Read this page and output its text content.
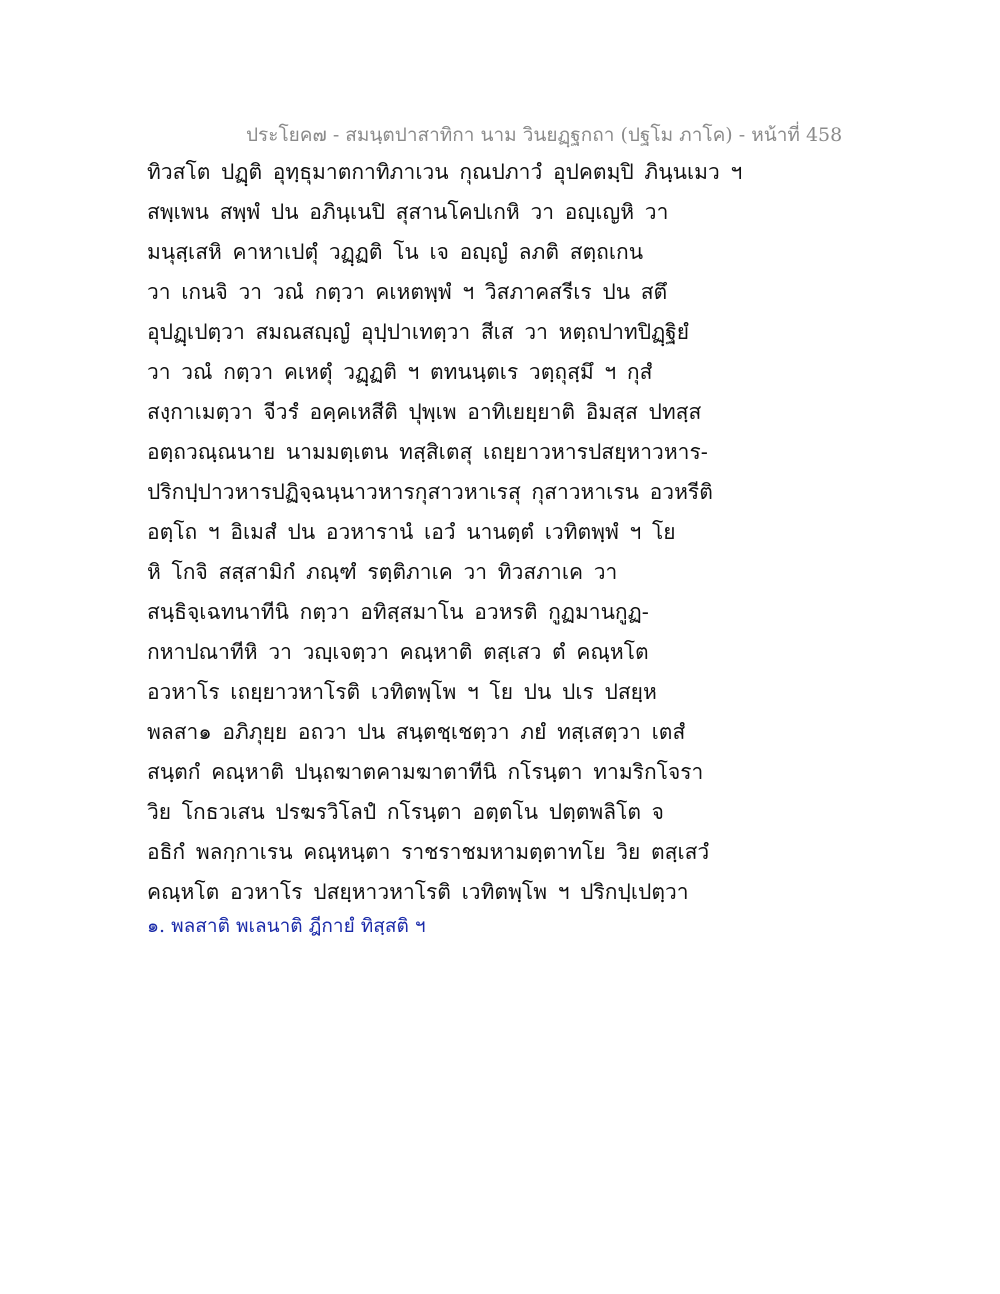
ประโยค๗ - สมนฺตปาสาทิกา นาม วินยฏฺฐกถา (ปฐโม ภาโค) - หน้าที่ 458
ทิวสโต ปฏฺติ อุทฺธุมาตกาทิภาเวน กุณปภาวํ อุปคตมฺปิ ภินฺนเมว ฯ
สพฺเพน สพฺพํ ปน อภินฺเนปิ สุสานโคปเกหิ วา อญฺเญหิ วา
มนุสฺเสหิ คาหาเปตุํ วฏฺฏติ โน เจ อญฺญํ ลภติ สตฺถเกน
วา เกนจิ วา วณํ กตฺวา คเหตพฺพํ ฯ วิสภาคสรีเร ปน สตึ
อุปฏฺเปตฺวา สมณสญฺญํ อุปฺปาเทตฺวา สีเส วา หตฺถปาทปิฏฺฐิยํ
วา วณํ กตฺวา คเหตุํ วฏฺฏติ ฯ ตทนนฺตเร วตฺถุสฺมึ ฯ กุสํ
สงฺกาเมตฺวา จีวรํ อคฺคเหสีติ ปุพฺเพ อาทิเยยฺยาติ อิมสฺส ปทสฺส
อตฺถวณฺณนาย นามมตฺเตน ทสฺสิเตสุ เถยฺยาวหารปสยฺหาวหาร-
ปริกปฺปาวหารปฏิจฺฉนฺนาวหารกุสาวหาเรสุ กุสาวหาเรน อวหรีติ
อตฺโถ ฯ อิเมสํ ปน อวหารานํ เอวํ นานตฺตํ เวทิตพฺพํ ฯ โย
หิ โกจิ สสฺสามิกํ ภณฺฑํ รตฺติภาเค วา ทิวสภาเค วา
สนฺธิจฺเฉทนาทีนิ กตฺวา อทิสฺสมาโน อวหรติ กูฏมานกูฏ-
กหาปณาทีหิ วา วญฺเจตฺวา คณฺหาติ ตสฺเสว ตํ คณฺหโต
อวหาโร เถยฺยาวหาโรติ เวทิตพฺโพ ฯ โย ปน ปเร ปสยฺห
พลสา๑ อภิภุยฺย อถวา ปน สนฺตชฺเชตฺวา ภยํ ทสฺเสตฺวา เตสํ
สนฺตกํ คณฺหาติ ปนฺถฆาตคามฆาตาทีนิ กโรนฺตา ทามริกโจรา
วิย โกธวเสน ปรฆรวิโลปํ กโรนฺตา อตฺตโน ปตฺตพลิโต จ
อธิกํ พลกฺกาเรน คณฺหนฺตา ราชราชมหามตฺตาทโย วิย ตสฺเสวํ
คณฺหโต อวหาโร ปสยฺหาวหาโรติ เวทิตพฺโพ ฯ ปริกปฺเปตฺวา
๑. พลสาติ พเลนาติ ฎีกายํ ทิสฺสติ ฯ
